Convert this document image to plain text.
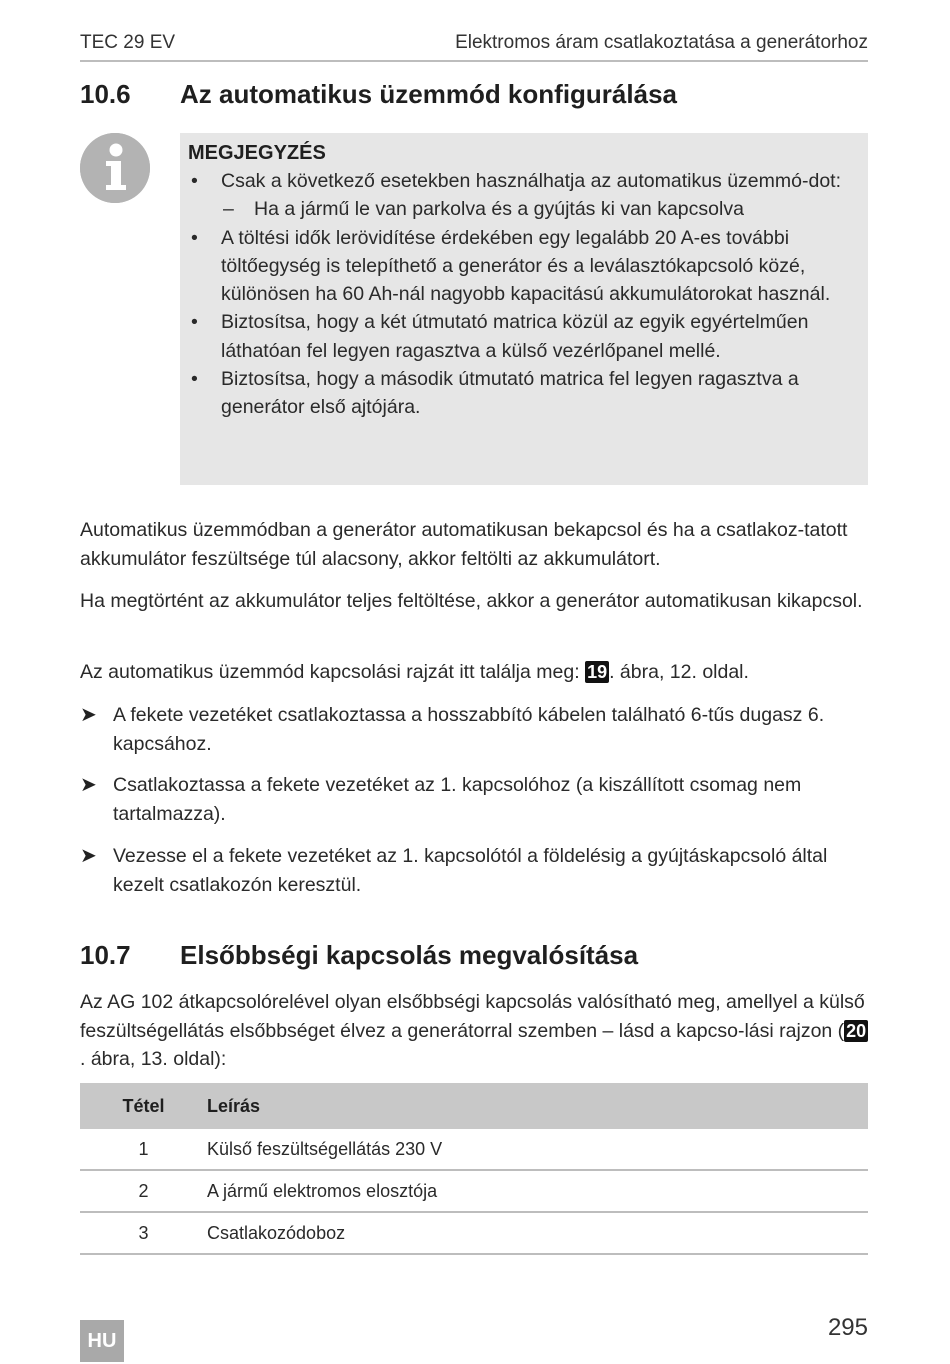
TEC 29 EV	Elektromos áram csatlakoztatása a generátorhoz
10.6 Az automatikus üzemmód konfigurálása
MEGJEGYZÉS
• Csak a következő esetekben használhatja az automatikus üzemmó-dot:
– Ha a jármű le van parkolva és a gyújtás ki van kapcsolva
• A töltési idők lerövidítése érdekében egy legalább 20 A-es további töltőegység is telepíthető a generátor és a leválasztókapcsoló közé, különösen ha 60 Ah-nál nagyobb kapacitású akkumulátorokat használ.
• Biztosítsa, hogy a két útmutató matrica közül az egyik egyértelműen láthatóan fel legyen ragasztva a külső vezérlőpanel mellé.
• Biztosítsa, hogy a második útmutató matrica fel legyen ragasztva a generátor első ajtójára.

Automatikus üzemmódban a generátor automatikusan bekapcsol és ha a csatlakoz-tatott akkumulátor feszültsége túl alacsony, akkor feltölti az akkumulátort.

Ha megtörtént az akkumulátor teljes feltöltése, akkor a generátor automatikusan kikapcsol.

Az automatikus üzemmód kapcsolási rajzát itt találja meg: 19 . ábra, 12. oldal.

➤ A fekete vezetéket csatlakoztassa a hosszabbító kábelen található 6-tűs dugasz 6. kapcsához.
➤ Csatlakoztassa a fekete vezetéket az 1. kapcsolóhoz (a kiszállított csomag nem tartalmazza).
➤ Vezesse el a fekete vezetéket az 1. kapcsolótól a földelésig a gyújtáskapcsoló által kezelt csatlakozón keresztül.
10.7 Elsőbbségi kapcsolás megvalósítása

Az AG 102 átkapcsolórelével olyan elsőbbségi kapcsolás valósítható meg, amellyel a külső feszültségellátás elsőbbséget élvez a generátorral szemben – lásd a kapcso-lási rajzon ( 20. ábra, 13. oldal):

Tétel	Leírás
1	Külső feszültségellátás 230 V
2	A jármű elektromos elosztója
3	Csatlakozódoboz
295
HU
